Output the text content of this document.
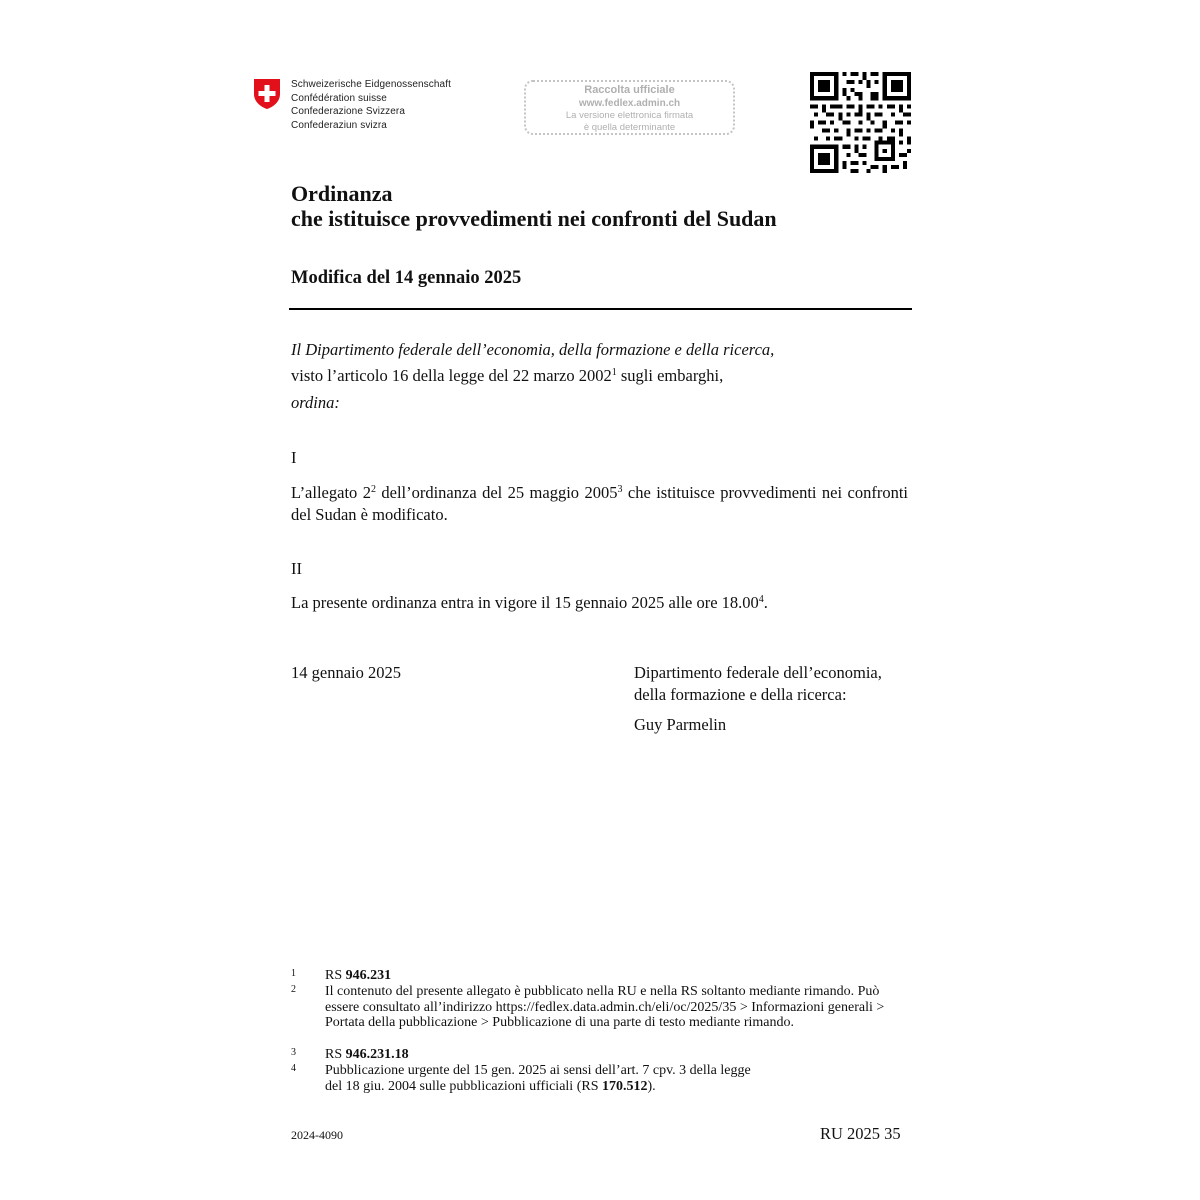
Schweizerische Eidgenossenschaft
Confédération suisse
Confederazione Svizzera
Confederaziun svizra
Raccolta ufficiale
www.fedlex.admin.ch
La versione elettronica firmata
è quella determinante
Ordinanza
che istituisce provvedimenti nei confronti del Sudan
Modifica del 14 gennaio 2025
Il Dipartimento federale dell’economia, della formazione e della ricerca,
visto l’articolo 16 della legge del 22 marzo 2002$^1$ sugli embarghi,
ordina:
I
L’allegato $2^2$ dell’ordinanza del 25 maggio 2005$^3$ che istituisce provvedimenti nei confronti del Sudan è modificato.
II
La presente ordinanza entra in vigore il 15 gennaio 2025 alle ore 18.00$^4$.
14 gennaio 2025	Dipartimento federale dell’economia,
della formazione e della ricerca:
Guy Parmelin
1 RS 946.231
2 Il contenuto del presente allegato è pubblicato nella RU e nella RS soltanto mediante rimando. Può essere consultato all’indirizzo https://fedlex.data.admin.ch/eli/oc/2025/35 > Informazioni generali > Portata della pubblicazione > Pubblicazione di una parte di testo mediante rimando.
3 RS 946.231.18
4 Pubblicazione urgente del 15 gen. 2025 ai sensi dell’art. 7 cpv. 3 della legge
del 18 giu. 2004 sulle pubblicazioni ufficiali (RS 170.512).
2024-4090	RU 2025 35
